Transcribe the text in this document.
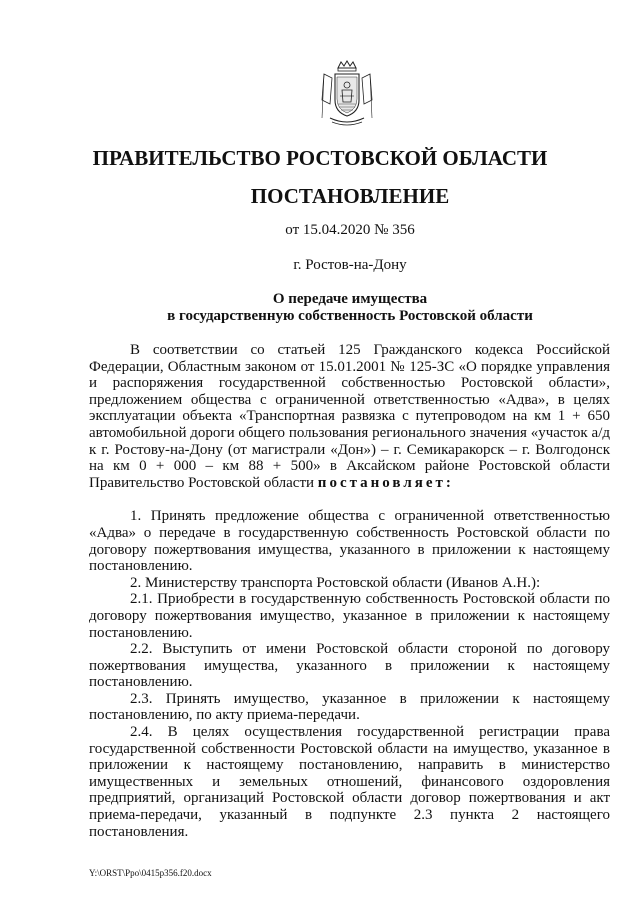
ПРАВИТЕЛЬСТВО РОСТОВСКОЙ ОБЛАСТИ
ПОСТАНОВЛЕНИЕ
от 15.04.2020 № 356
г. Ростов-на-Дону
О передаче имущества
в государственную собственность Ростовской области

В соответствии со статьей 125 Гражданского кодекса Российской Федерации, Областным законом от 15.01.2001 № 125-ЗС «О порядке управления и распоряжения государственной собственностью Ростовской области», предложением общества с ограниченной ответственностью «Адва», в целях эксплуатации объекта «Транспортная развязка с путепроводом на км 1 + 650 автомобильной дороги общего пользования регионального значения «участок а/д к г. Ростову-на-Дону (от магистрали «Дон») – г. Семикаракорск – г. Волгодонск на км 0 + 000 – км 88 + 500» в Аксайском районе Ростовской области Правительство Ростовской области постановляет:

1. Принять предложение общества с ограниченной ответственностью «Адва» о передаче в государственную собственность Ростовской области по договору пожертвования имущества, указанного в приложении к настоящему постановлению.

2. Министерству транспорта Ростовской области (Иванов А.Н.):

2.1. Приобрести в государственную собственность Ростовской области по договору пожертвования имущество, указанное в приложении к настоящему постановлению.

2.2. Выступить от имени Ростовской области стороной по договору пожертвования имущества, указанного в приложении к настоящему постановлению.

2.3. Принять имущество, указанное в приложении к настоящему постановлению, по акту приема-передачи.

2.4. В целях осуществления государственной регистрации права государственной собственности Ростовской области на имущество, указанное в приложении к настоящему постановлению, направить в министерство имущественных и земельных отношений, финансового оздоровления предприятий, организаций Ростовской области договор пожертвования и акт приема-передачи, указанный в подпункте 2.3 пункта 2 настоящего постановления.

Y:\ORST\Ppo\0415p356.f20.docx
